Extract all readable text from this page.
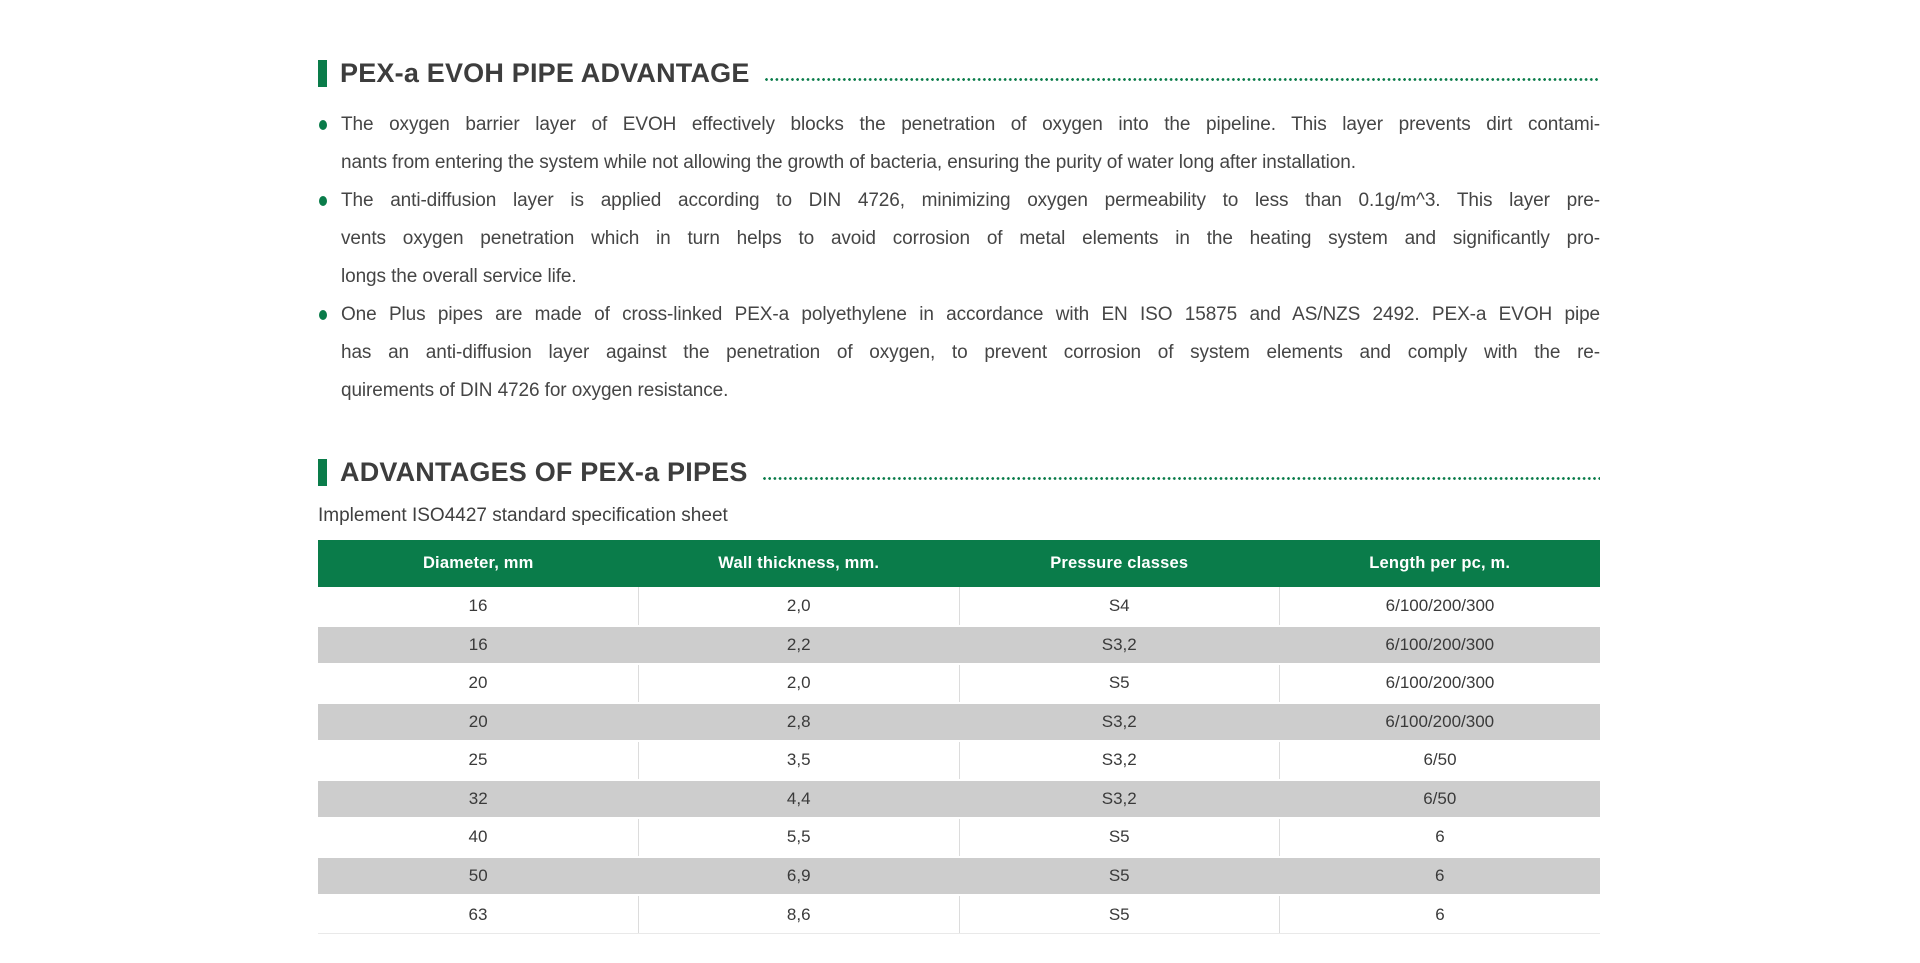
PEX-a EVOH PIPE ADVANTAGE
The oxygen barrier layer of EVOH effectively blocks the penetration of oxygen into the pipeline. This layer prevents dirt contami-
nants from entering the system while not allowing the growth of bacteria, ensuring the purity of water long after installation.
The anti-diffusion layer is applied according to DIN 4726, minimizing oxygen permeability to less than 0.1g/m^3. This layer pre-
vents oxygen penetration which in turn helps to avoid corrosion of metal elements in the heating system and significantly pro-
longs the overall service life.
One Plus pipes are made of cross-linked PEX-a polyethylene in accordance with EN ISO 15875 and AS/NZS 2492. PEX-a EVOH pipe
has an anti-diffusion layer against the penetration of oxygen, to prevent corrosion of system elements and comply with the re-
quirements of DIN 4726 for oxygen resistance.
ADVANTAGES OF PEX-a PIPES

Implement ISO4427 standard specification sheet

Diameter, mm	Wall thickness, mm.	Pressure classes	Length per pc, m.
16	2,0	S4	6/100/200/300
16	2,2	S3,2	6/100/200/300
20	2,0	S5	6/100/200/300
20	2,8	S3,2	6/100/200/300
25	3,5	S3,2	6/50
32	4,4	S3,2	6/50
40	5,5	S5	6
50	6,9	S5	6
63	8,6	S5	6
